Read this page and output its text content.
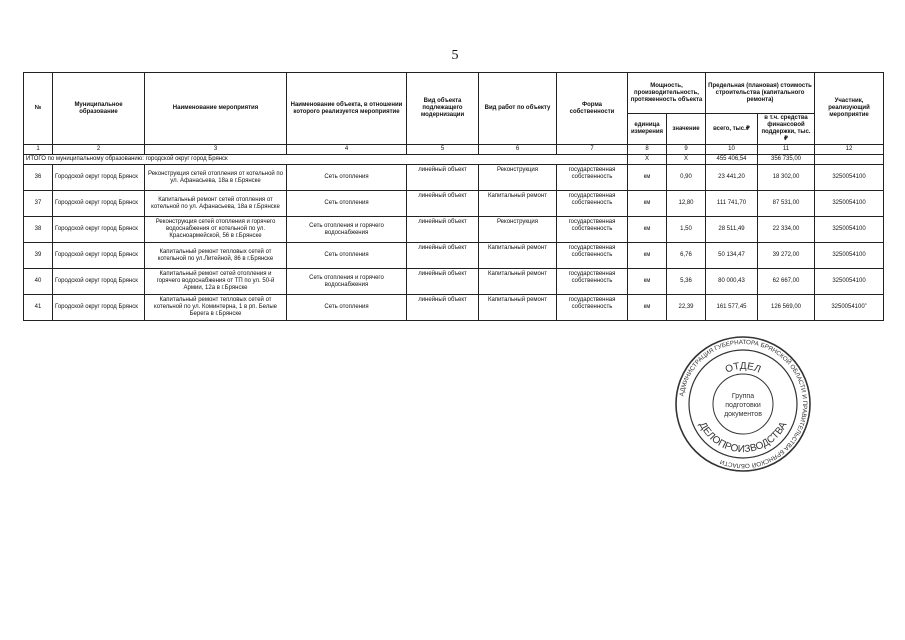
5
№	Муниципальное образование	Наименование мероприятия	Наименование объекта, в отношении которого реализуется мероприятие	Вид объекта подлежащего модернизации	Вид работ по объекту	Форма собственности	Мощность, производительность, протяженность объекта		Предельная (плановая) стоимость строительства (капитального ремонта)		Участник, реализующий мероприятие
							единица измерения	значение	всего, тыс.₽	в т.ч. средства финансовой поддержки, тыс. ₽	
1	2	3	4	5	6	7	8	9	10	11	12
ИТОГО по муниципальному образованию: городской округ город Брянск							X	X	455 406,54	356 735,00	
36	Городской округ город Брянск	Реконструкция сетей отопления от котельной по ул. Афанасьева, 18а в г.Брянске	Сеть отопления	линейный объект	Реконструкция	государственная собственность	км	0,90	23 441,20	18 302,00	3250054100
37	Городской округ город Брянск	Капитальный ремонт сетей отопления от котельной по ул. Афанасьева, 18а в г.Брянске	Сеть отопления	линейный объект	Капитальный ремонт	государственная собственность	км	12,80	111 741,70	87 531,00	3250054100
38	Городской округ город Брянск	Реконструкция сетей отопления и горячего водоснабжения от котельной по ул. Красноармейской, 56 в г.Брянске	Сеть отопления и горячего водоснабжения	линейный объект	Реконструкция	государственная собственность	км	1,50	28 511,49	22 334,00	3250054100
39	Городской округ город Брянск	Капитальный ремонт тепловых сетей от котельной по ул.Литейной, 86 в г.Брянске	Сеть отопления	линейный объект	Капитальный ремонт	государственная собственность	км	6,76	50 134,47	39 272,00	3250054100
40	Городской округ город Брянск	Капитальный ремонт сетей отопления и горячего водоснабжения от ТП по ул. 50-й Армии, 12а в г.Брянске	Сеть отопления и горячего водоснабжения	линейный объект	Капитальный ремонт	государственная собственность	км	5,36	80 000,43	62 667,00	3250054100
41	Городской округ город Брянск	Капитальный ремонт тепловых сетей от котельной по ул. Коминтерна, 1 в рп. Белые Берега в г.Брянске	Сеть отопления	линейный объект	Капитальный ремонт	государственная собственность	км	22,39	161 577,45	126 569,00	3250054100”
АДМИНИСТРАЦИЯ ГУБЕРНАТОРА БРЯНСКОЙ ОБЛАСТИ И ПРАВИТЕЛЬСТВА БРЯНСКОЙ ОБЛАСТИ
ОТДЕЛ
ДЕЛОПРОИЗВОДСТВА
Группа
подготовки
документов
